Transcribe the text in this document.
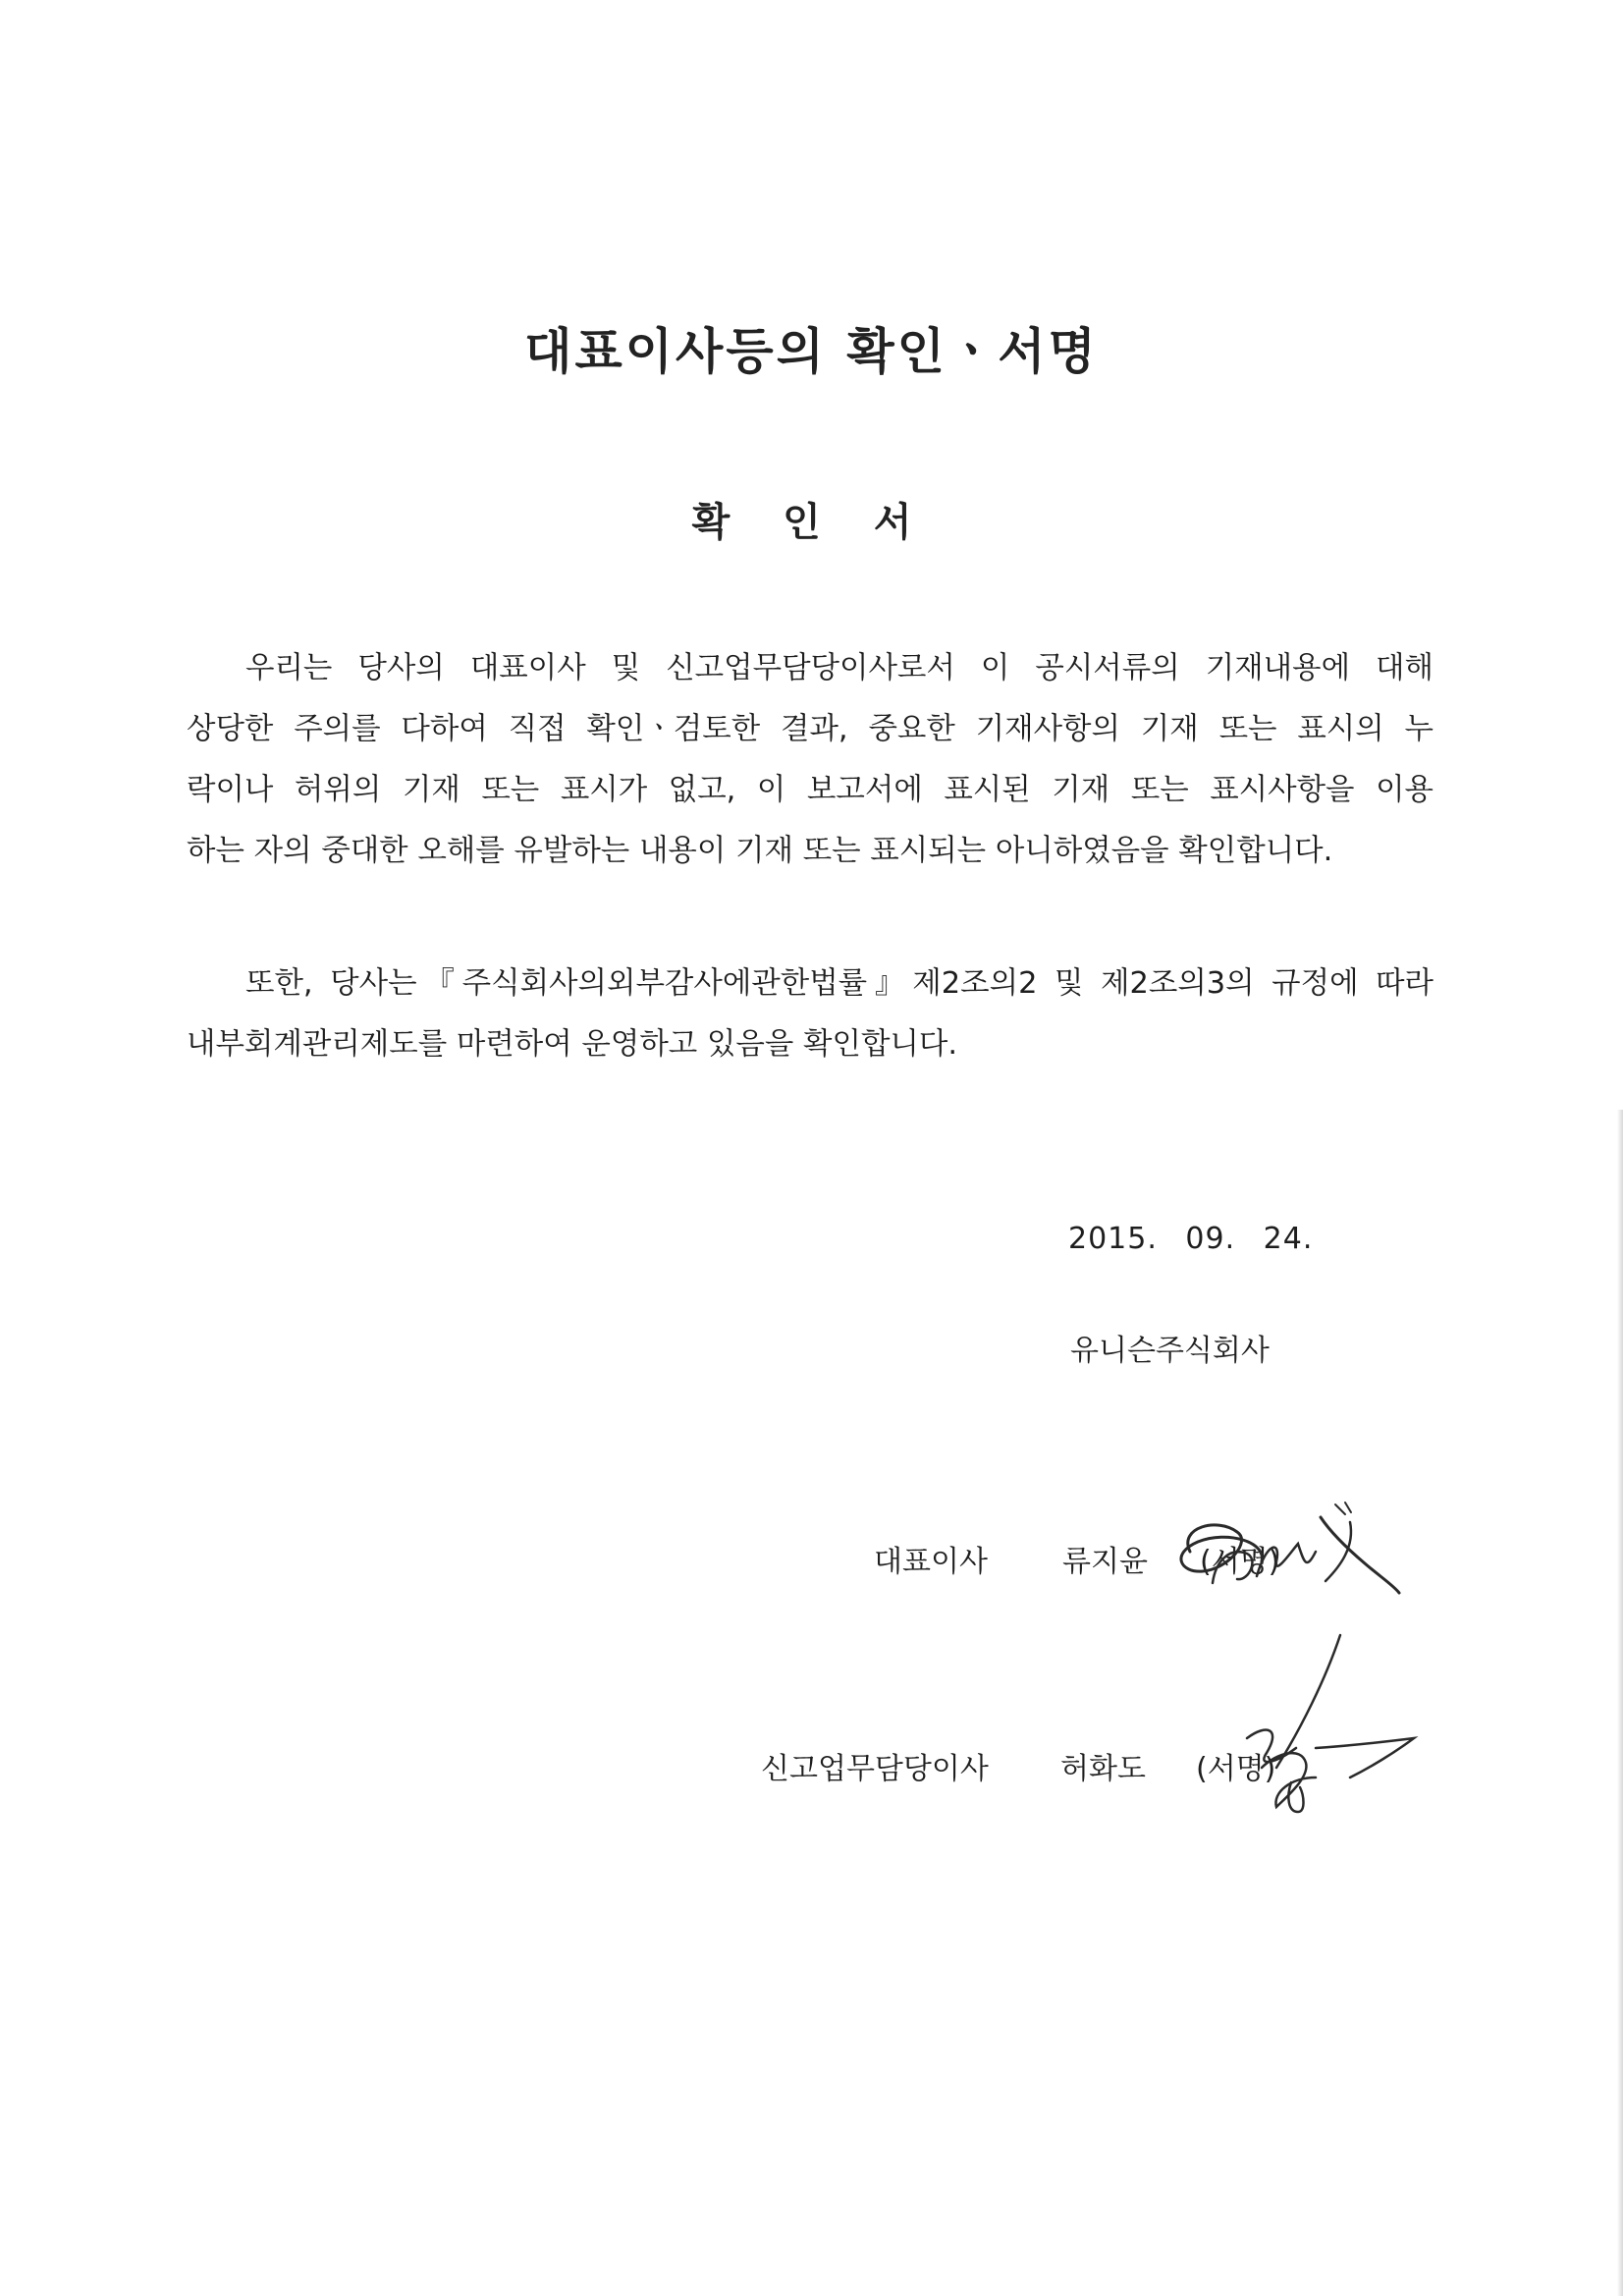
대표이사등의 확인ㆍ서명
확 인 서
우리는 당사의 대표이사 및 신고업무담당이사로서 이 공시서류의 기재내용에 대해
상당한 주의를 다하여 직접 확인ㆍ검토한 결과, 중요한 기재사항의 기재 또는 표시의 누
락이나 허위의 기재 또는 표시가 없고, 이 보고서에 표시된 기재 또는 표시사항을 이용
하는 자의 중대한 오해를 유발하는 내용이 기재 또는 표시되는 아니하였음을 확인합니다.
또한, 당사는『주식회사의외부감사에관한법률』제2조의2 및 제2조의3의 규정에 따라
내부회계관리제도를 마련하여 운영하고 있음을 확인합니다.
2015. 09. 24.
유니슨주식회사
대표이사	류지윤 (서명)
신고업무담당이사 허화도 (서명)
